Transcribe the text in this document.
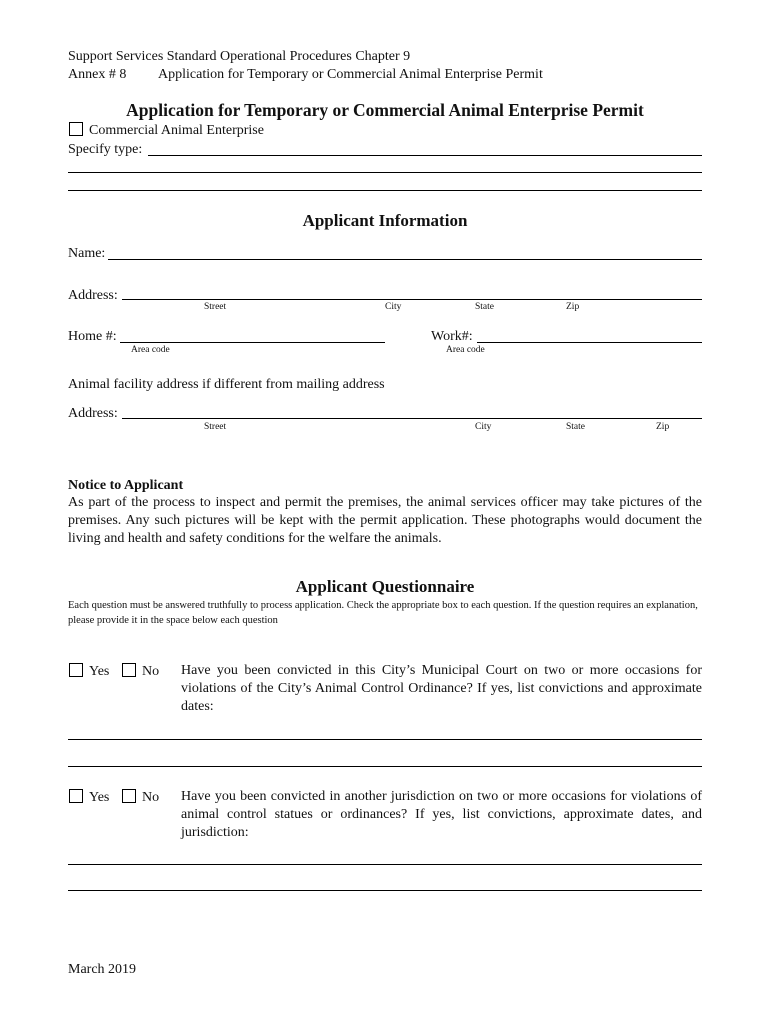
Support Services Standard Operational Procedures Chapter 9
Annex # 8 Application for Temporary or Commercial Animal Enterprise Permit
Application for Temporary or Commercial Animal Enterprise Permit
Commercial Animal Enterprise
Specify type:
Applicant Information
Name:
Address:
Street	City	State	Zip
Home #:
Area code
Work#:
Area code
Animal facility address if different from mailing address
Address:
Street	City	State	Zip
Notice to Applicant
As part of the process to inspect and permit the premises, the animal services officer may take pictures of the premises. Any such pictures will be kept with the permit application. These photographs would document the living and health and safety conditions for the welfare the animals.
Applicant Questionnaire
Each question must be answered truthfully to process application. Check the appropriate box to each question. If the question requires an explanation, please provide it in the space below each question
Yes No Have you been convicted in this City’s Municipal Court on two or more occasions for violations of the City’s Animal Control Ordinance? If yes, list convictions and approximate dates:
Yes No Have you been convicted in another jurisdiction on two or more occasions for violations of animal control statues or ordinances? If yes, list convictions, approximate dates, and jurisdiction:
March 2019
